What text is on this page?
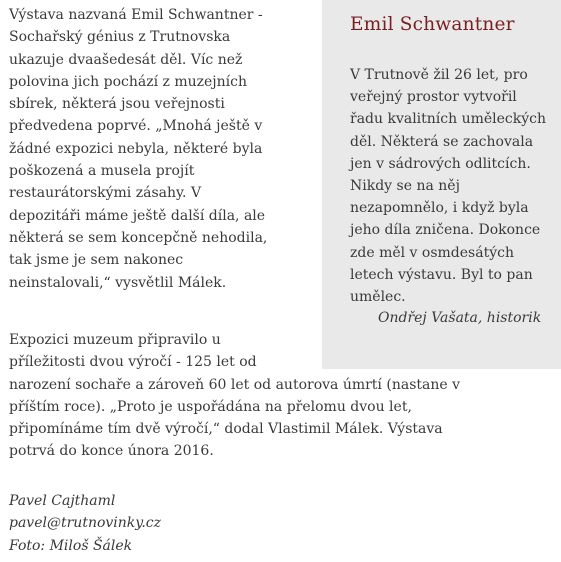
Emil Schwantner

V Trutnově žil 26 let, pro
veřejný prostor vytvořil
řadu kvalitních uměleckých
děl. Některá se zachovala
jen v sádrových odlitcích.
Nikdy se na něj
nezapomnělo, i když byla
jeho díla zničena. Dokonce
zde měl v osmdesátých
letech výstavu. Byl to pan
umělec.

Ondřej Vašata, historik

Výstava nazvaná Emil Schwantner -
Sochařský génius z Trutnovska
ukazuje dvaašedesát děl. Víc než
polovina jich pochází z muzejních
sbírek, některá jsou veřejnosti
předvedena poprvé. „Mnohá ještě v
žádné expozici nebyla, některé byla
poškozená a musela projít
restaurátorskými zásahy. V
depozitáři máme ještě další díla, ale
některá se sem koncepčně nehodila,
tak jsme je sem nakonec
neinstalovali,“ vysvětlil Málek.

Expozici muzeum připravilo u
příležitosti dvou výročí - 125 let od
narození sochaře a zároveň 60 let od autorova úmrtí (nastane v
příštím roce). „Proto je uspořádána na přelomu dvou let,
připomínáme tím dvě výročí,“ dodal Vlastimil Málek. Výstava
potrvá do konce února 2016.

Pavel Cajthaml
pavel@trutnovinky.cz
Foto: Miloš Šálek
